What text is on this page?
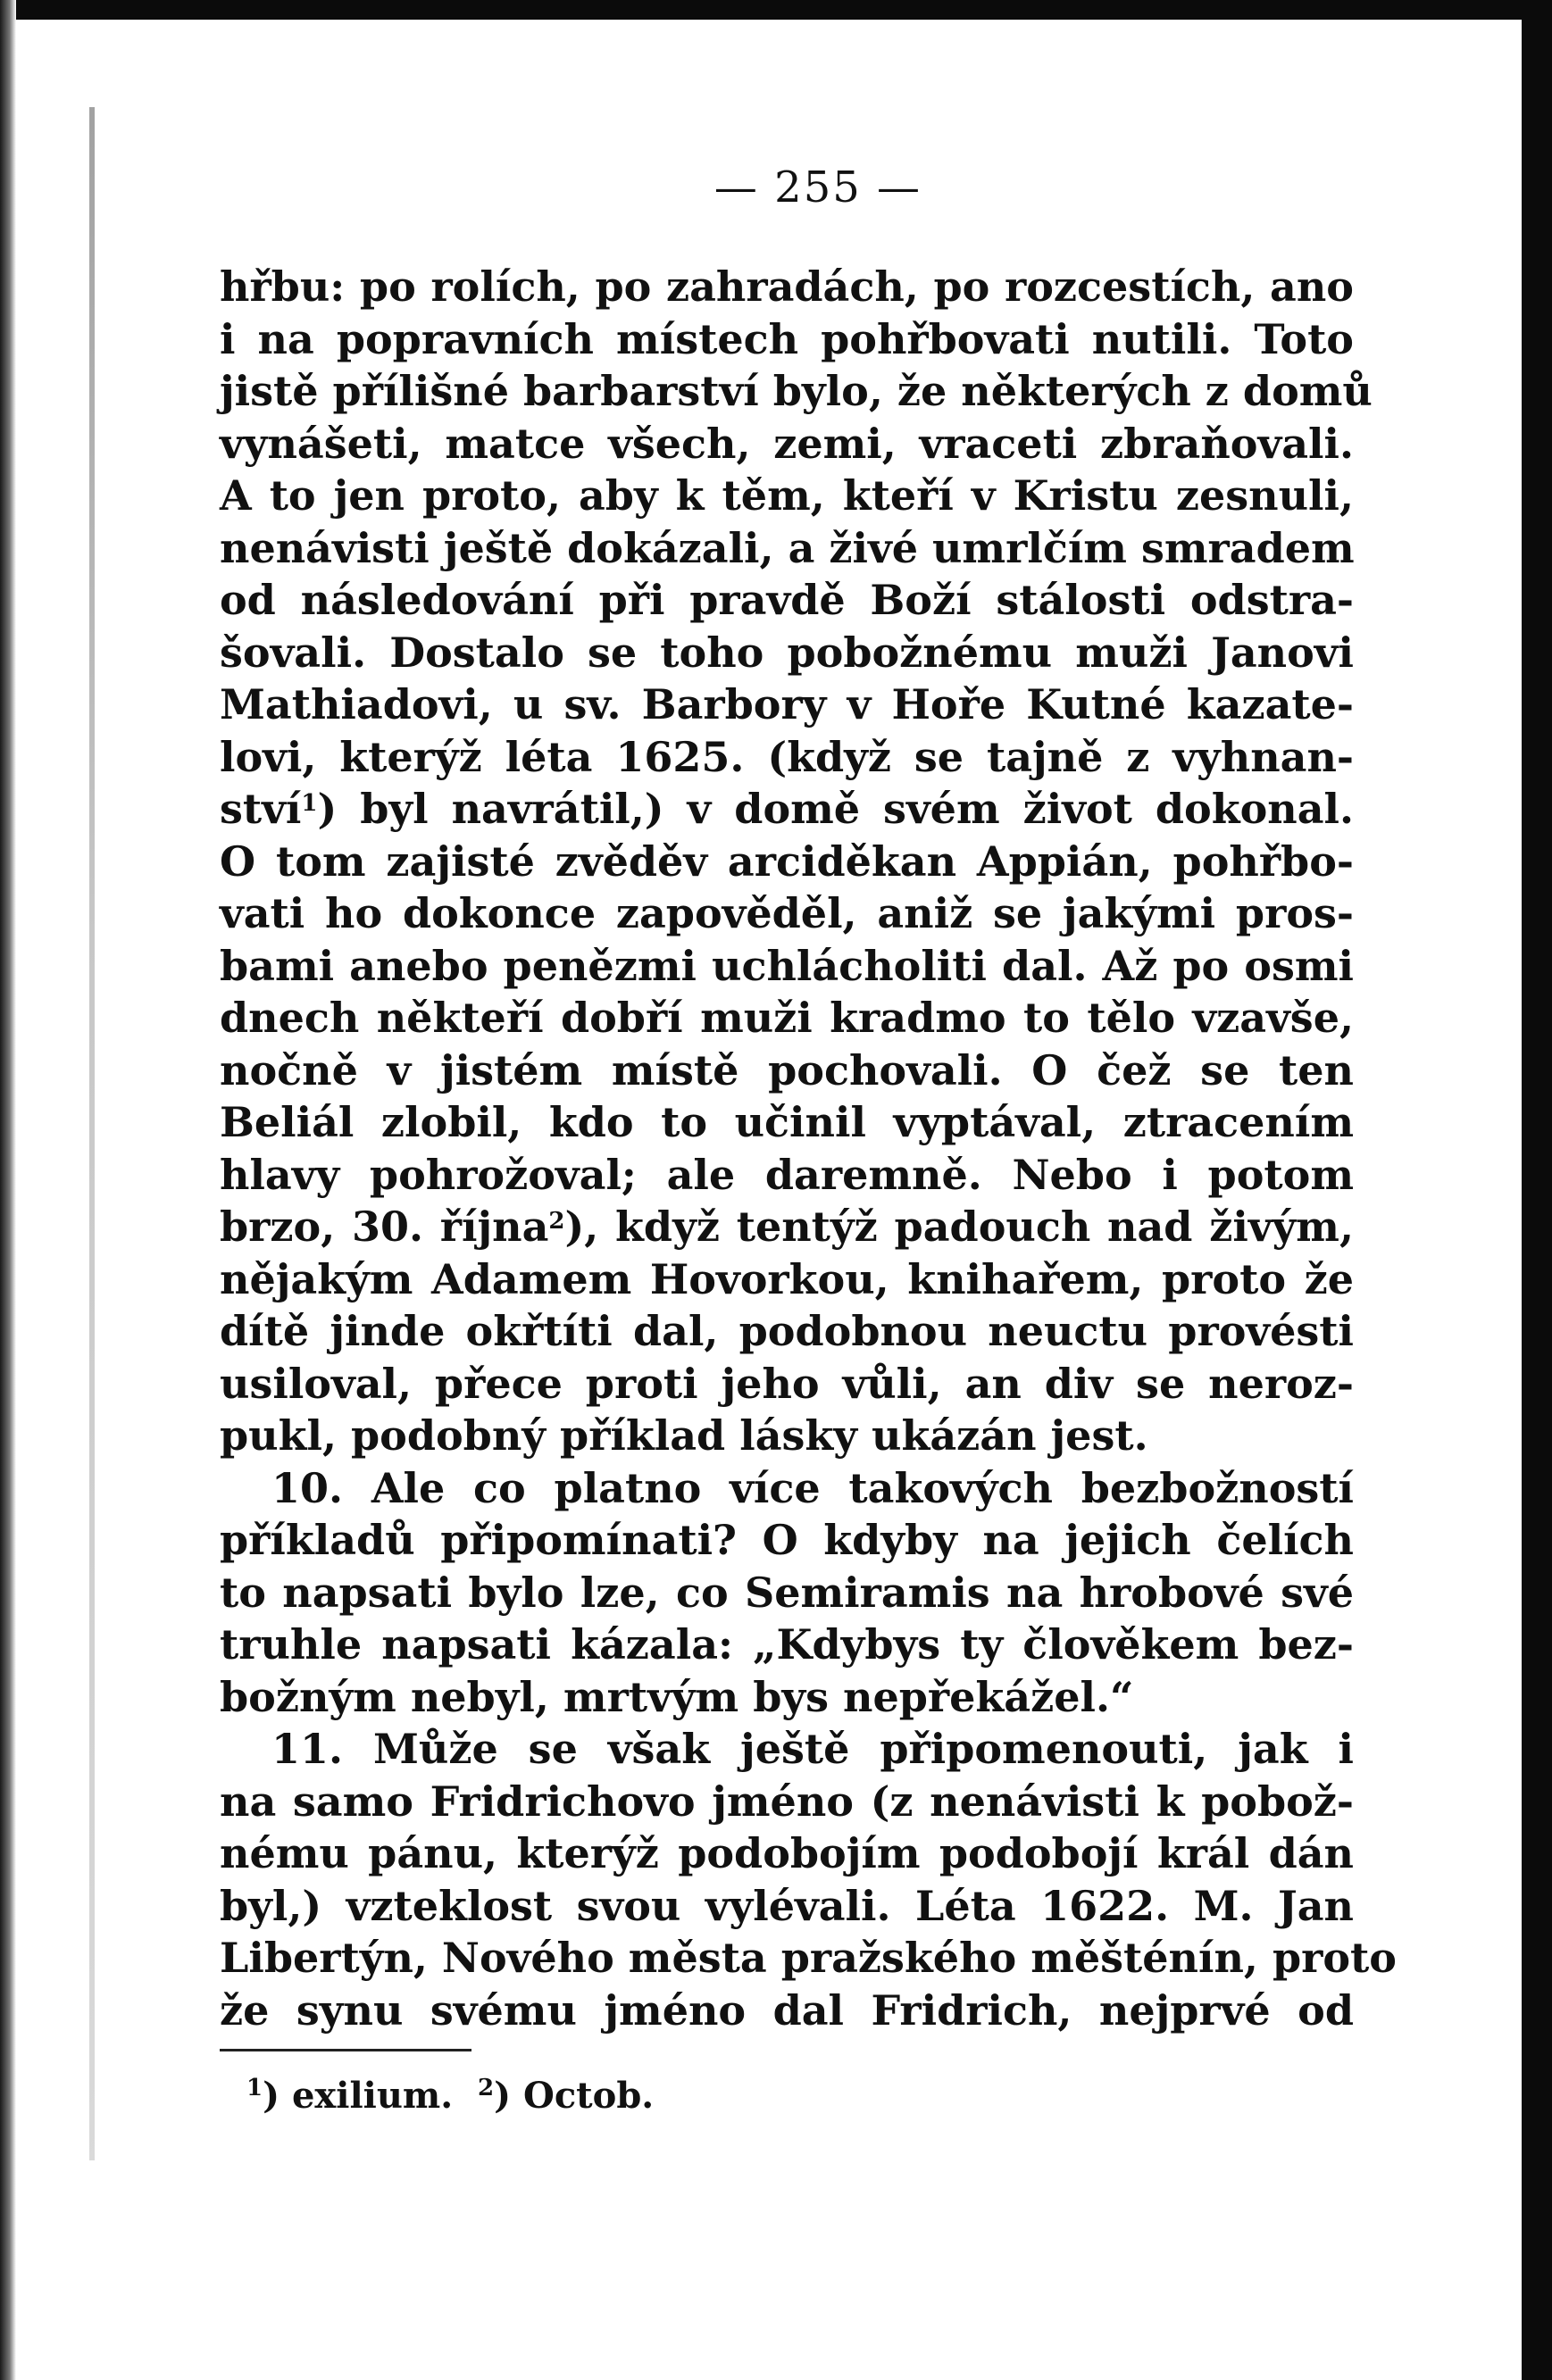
— 255 —
hřbu: po rolích, po zahradách, po rozcestích, ano
i na popravních místech pohřbovati nutili. Toto
jistě přílišné barbarství bylo, že některých z domů
vynášeti, matce všech, zemi, vraceti zbraňovali.
A to jen proto, aby k těm, kteří v Kristu zesnuli,
nenávisti ještě dokázali, a živé umrlčím smradem
od následování při pravdě Boží stálosti odstra-
šovali. Dostalo se toho pobožnému muži Janovi
Mathiadovi, u sv. Barbory v Hoře Kutné kazate-
lovi, kterýž léta 1625. (když se tajně z vyhnan-
ství$^1$) byl navrátil,) v domě svém život dokonal.
O tom zajisté zvěděv arciděkan Appián, pohřbo-
vati ho dokonce zapověděl, aniž se jakými pros-
bami anebo penězmi uchlácholiti dal. Až po osmi
dnech někteří dobří muži kradmo to tělo vzavše,
nočně v jistém místě pochovali. O čež se ten
Beliál zlobil, kdo to učinil vyptával, ztracením
hlavy pohrožoval; ale daremně. Nebo i potom
brzo, 30. října$^2$), když tentýž padouch nad živým,
nějakým Adamem Hovorkou, knihařem, proto že
dítě jinde okřtíti dal, podobnou neuctu provésti
usiloval, přece proti jeho vůli, an div se neroz-
pukl, podobný příklad lásky ukázán jest.
10. Ale co platno více takových bezbožností
příkladů připomínati? O kdyby na jejich čelích
to napsati bylo lze, co Semiramis na hrobové své
truhle napsati kázala: „Kdybys ty člověkem bez-
božným nebyl, mrtvým bys nepřekážel.“
11. Může se však ještě připomenouti, jak i
na samo Fridrichovo jméno (z nenávisti k pobož-
nému pánu, kterýž podobojím podobojí král dán
byl,) vzteklost svou vylévali. Léta 1622. M. Jan
Libertýn, Nového města pražského měšténín, proto
že synu svému jméno dal Fridrich, nejprvé od
$^1$) exilium. $^2$) Octob.
